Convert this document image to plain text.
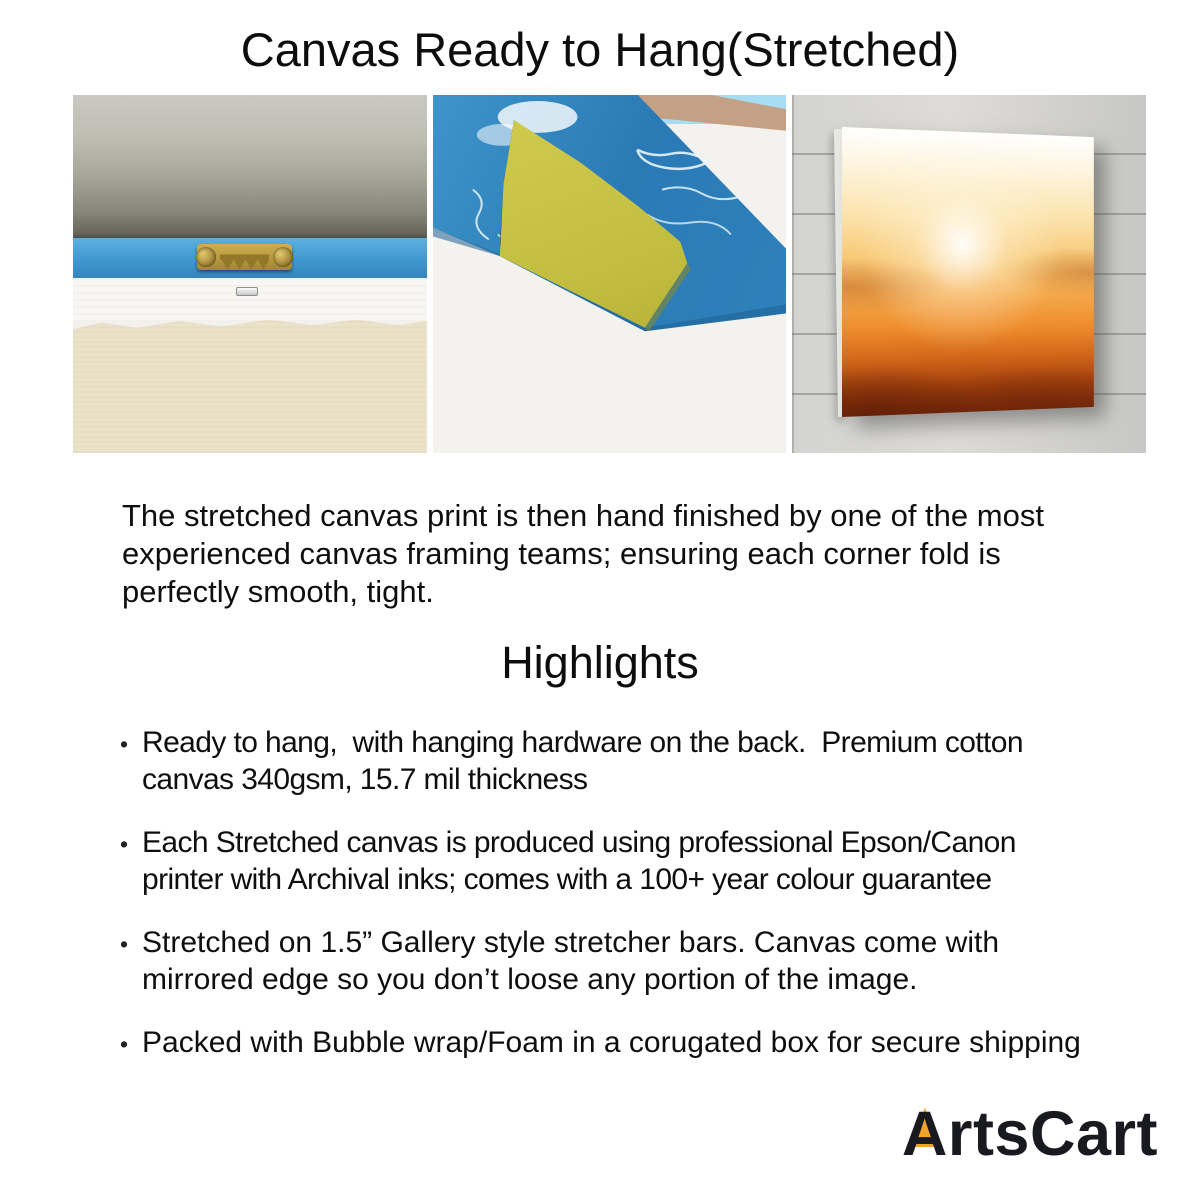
Canvas Ready to Hang(Stretched)

The stretched canvas print is then hand finished by one of the most experienced canvas framing teams; ensuring each corner fold is perfectly smooth, tight.

Highlights
• Ready to hang,  with hanging hardware on the back.  Premium cotton canvas 340gsm, 15.7 mil thickness
• Each Stretched canvas is produced using professional Epson/Canon printer with Archival inks; comes with a 100+ year colour guarantee
• Stretched on 1.5” Gallery style stretcher bars. Canvas come with mirrored edge so you don’t loose any portion of the image.
• Packed with Bubble wrap/Foam in a corugated box for secure shipping
ArtsCart
